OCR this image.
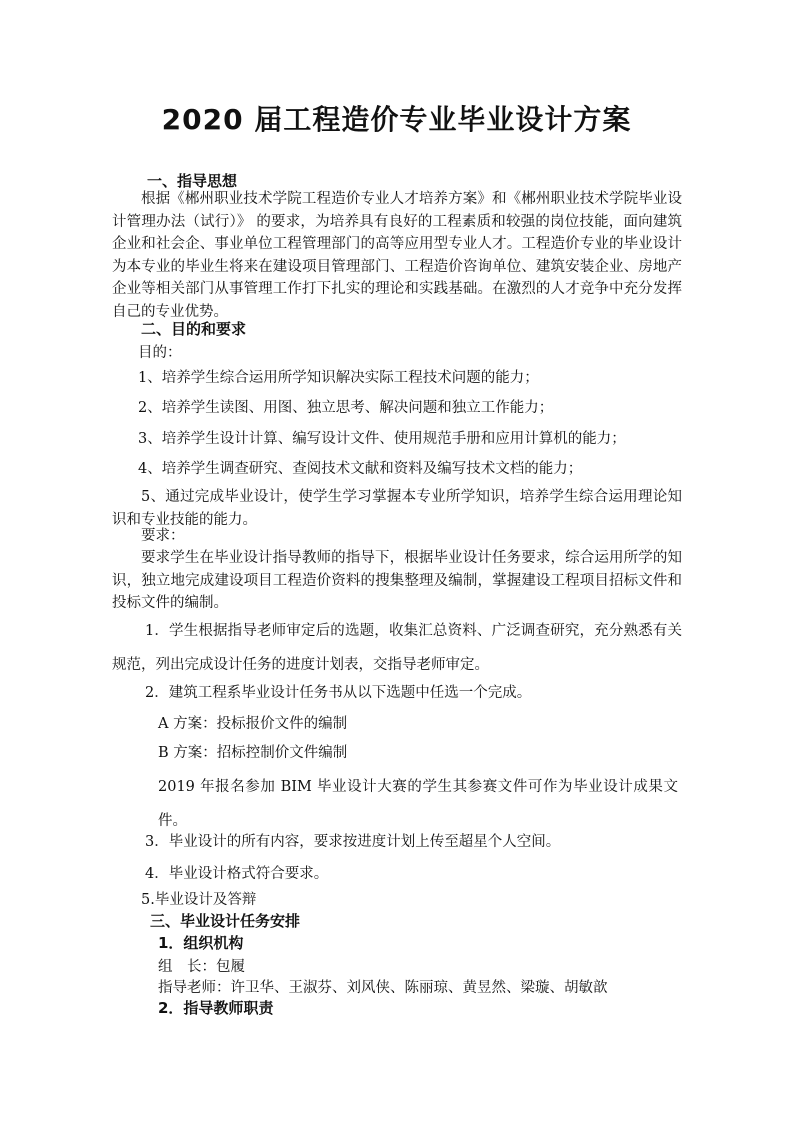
2020 届工程造价专业毕业设计方案
一、指导思想
根据《郴州职业技术学院工程造价专业人才培养方案》和《郴州职业技术学院毕业设计管理办法（试行）》 的要求，为培养具有良好的工程素质和较强的岗位技能，面向建筑企业和社会企、事业单位工程管理部门的高等应用型专业人才。工程造价专业的毕业设计为本专业的毕业生将来在建设项目管理部门、工程造价咨询单位、建筑安装企业、房地产企业等相关部门从事管理工作打下扎实的理论和实践基础。在激烈的人才竞争中充分发挥自己的专业优势。
二、目的和要求
目的：
1、培养学生综合运用所学知识解决实际工程技术问题的能力；
2、培养学生读图、用图、独立思考、解决问题和独立工作能力；
3、培养学生设计计算、编写设计文件、使用规范手册和应用计算机的能力；
4、培养学生调查研究、查阅技术文献和资料及编写技术文档的能力；
5、通过完成毕业设计，使学生学习掌握本专业所学知识，培养学生综合运用理论知识和专业技能的能力。
要求：
要求学生在毕业设计指导教师的指导下，根据毕业设计任务要求，综合运用所学的知识，独立地完成建设项目工程造价资料的搜集整理及编制，掌握建设工程项目招标文件和投标文件的编制。
1．学生根据指导老师审定后的选题，收集汇总资料、广泛调查研究，充分熟悉有关规范，列出完成设计任务的进度计划表，交指导老师审定。
2．建筑工程系毕业设计任务书从以下选题中任选一个完成。
A 方案：投标报价文件的编制
B 方案：招标控制价文件编制
2019 年报名参加 BIM 毕业设计大赛的学生其参赛文件可作为毕业设计成果文件。
3．毕业设计的所有内容，要求按进度计划上传至超星个人空间。
4．毕业设计格式符合要求。
5.毕业设计及答辩
三、毕业设计任务安排
1．组织机构
组　长：包履
指导老师：许卫华、王淑芬、刘风侠、陈丽琼、黄昱然、梁璇、胡敏歆
2．指导教师职责
